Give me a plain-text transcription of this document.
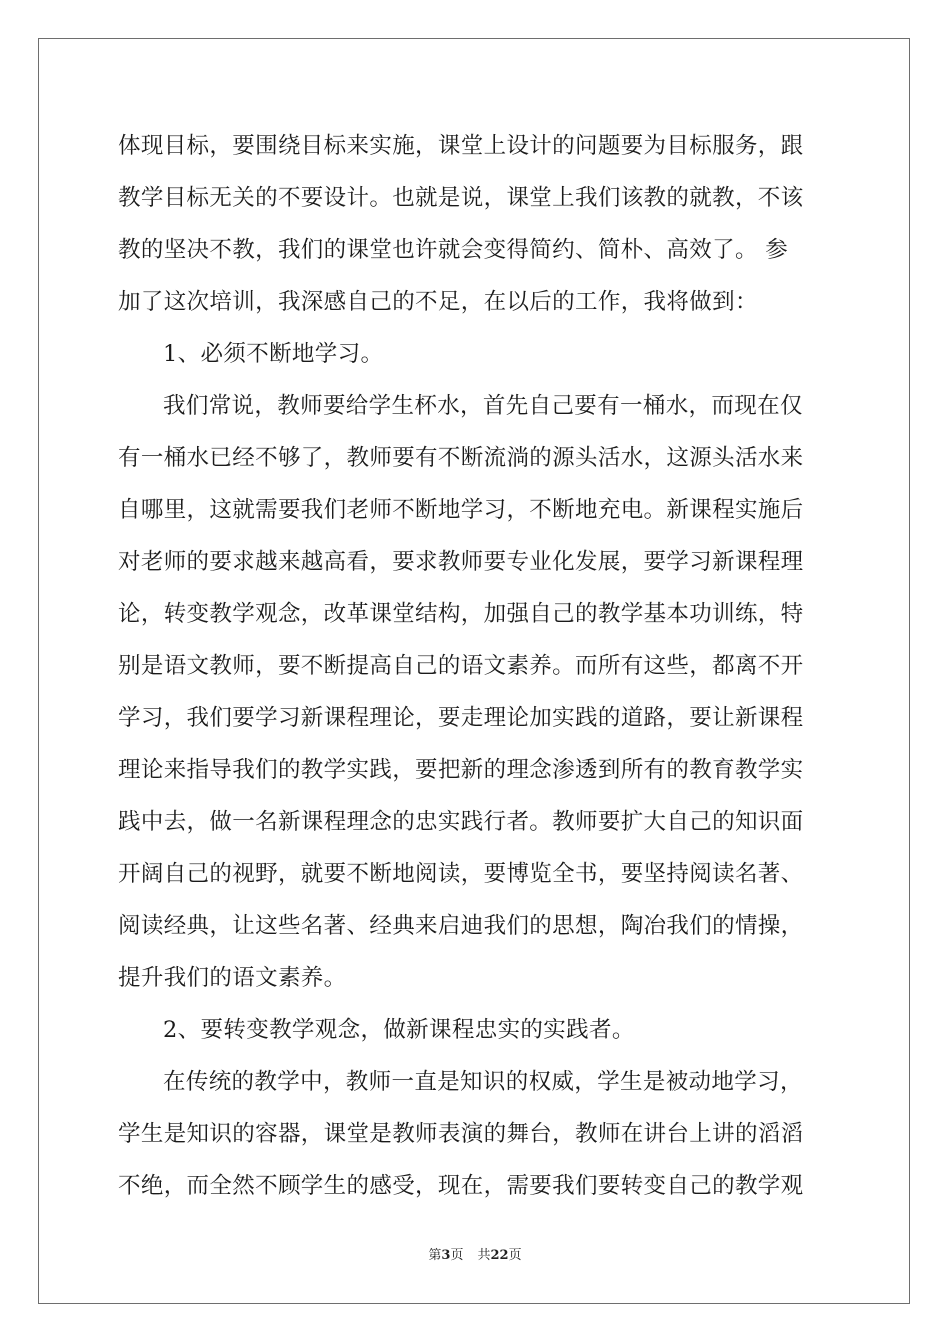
体现目标，要围绕目标来实施，课堂上设计的问题要为目标服务，跟
教学目标无关的不要设计。也就是说，课堂上我们该教的就教，不该
教的坚决不教，我们的课堂也许就会变得简约、简朴、高效了。 参
加了这次培训，我深感自己的不足，在以后的工作，我将做到：
1、必须不断地学习。
我们常说，教师要给学生杯水，首先自己要有一桶水，而现在仅
有一桶水已经不够了，教师要有不断流淌的源头活水，这源头活水来
自哪里，这就需要我们老师不断地学习，不断地充电。新课程实施后
对老师的要求越来越高看，要求教师要专业化发展，要学习新课程理
论，转变教学观念，改革课堂结构，加强自己的教学基本功训练，特
别是语文教师，要不断提高自己的语文素养。而所有这些，都离不开
学习，我们要学习新课程理论，要走理论加实践的道路，要让新课程
理论来指导我们的教学实践，要把新的理念渗透到所有的教育教学实
践中去，做一名新课程理念的忠实践行者。教师要扩大自己的知识面
开阔自己的视野，就要不断地阅读，要博览全书，要坚持阅读名著、
阅读经典，让这些名著、经典来启迪我们的思想，陶冶我们的情操，
提升我们的语文素养。
2、要转变教学观念，做新课程忠实的实践者。
在传统的教学中，教师一直是知识的权威，学生是被动地学习，
学生是知识的容器，课堂是教师表演的舞台，教师在讲台上讲的滔滔
不绝，而全然不顾学生的感受，现在，需要我们要转变自己的教学观
第3页 共22页
